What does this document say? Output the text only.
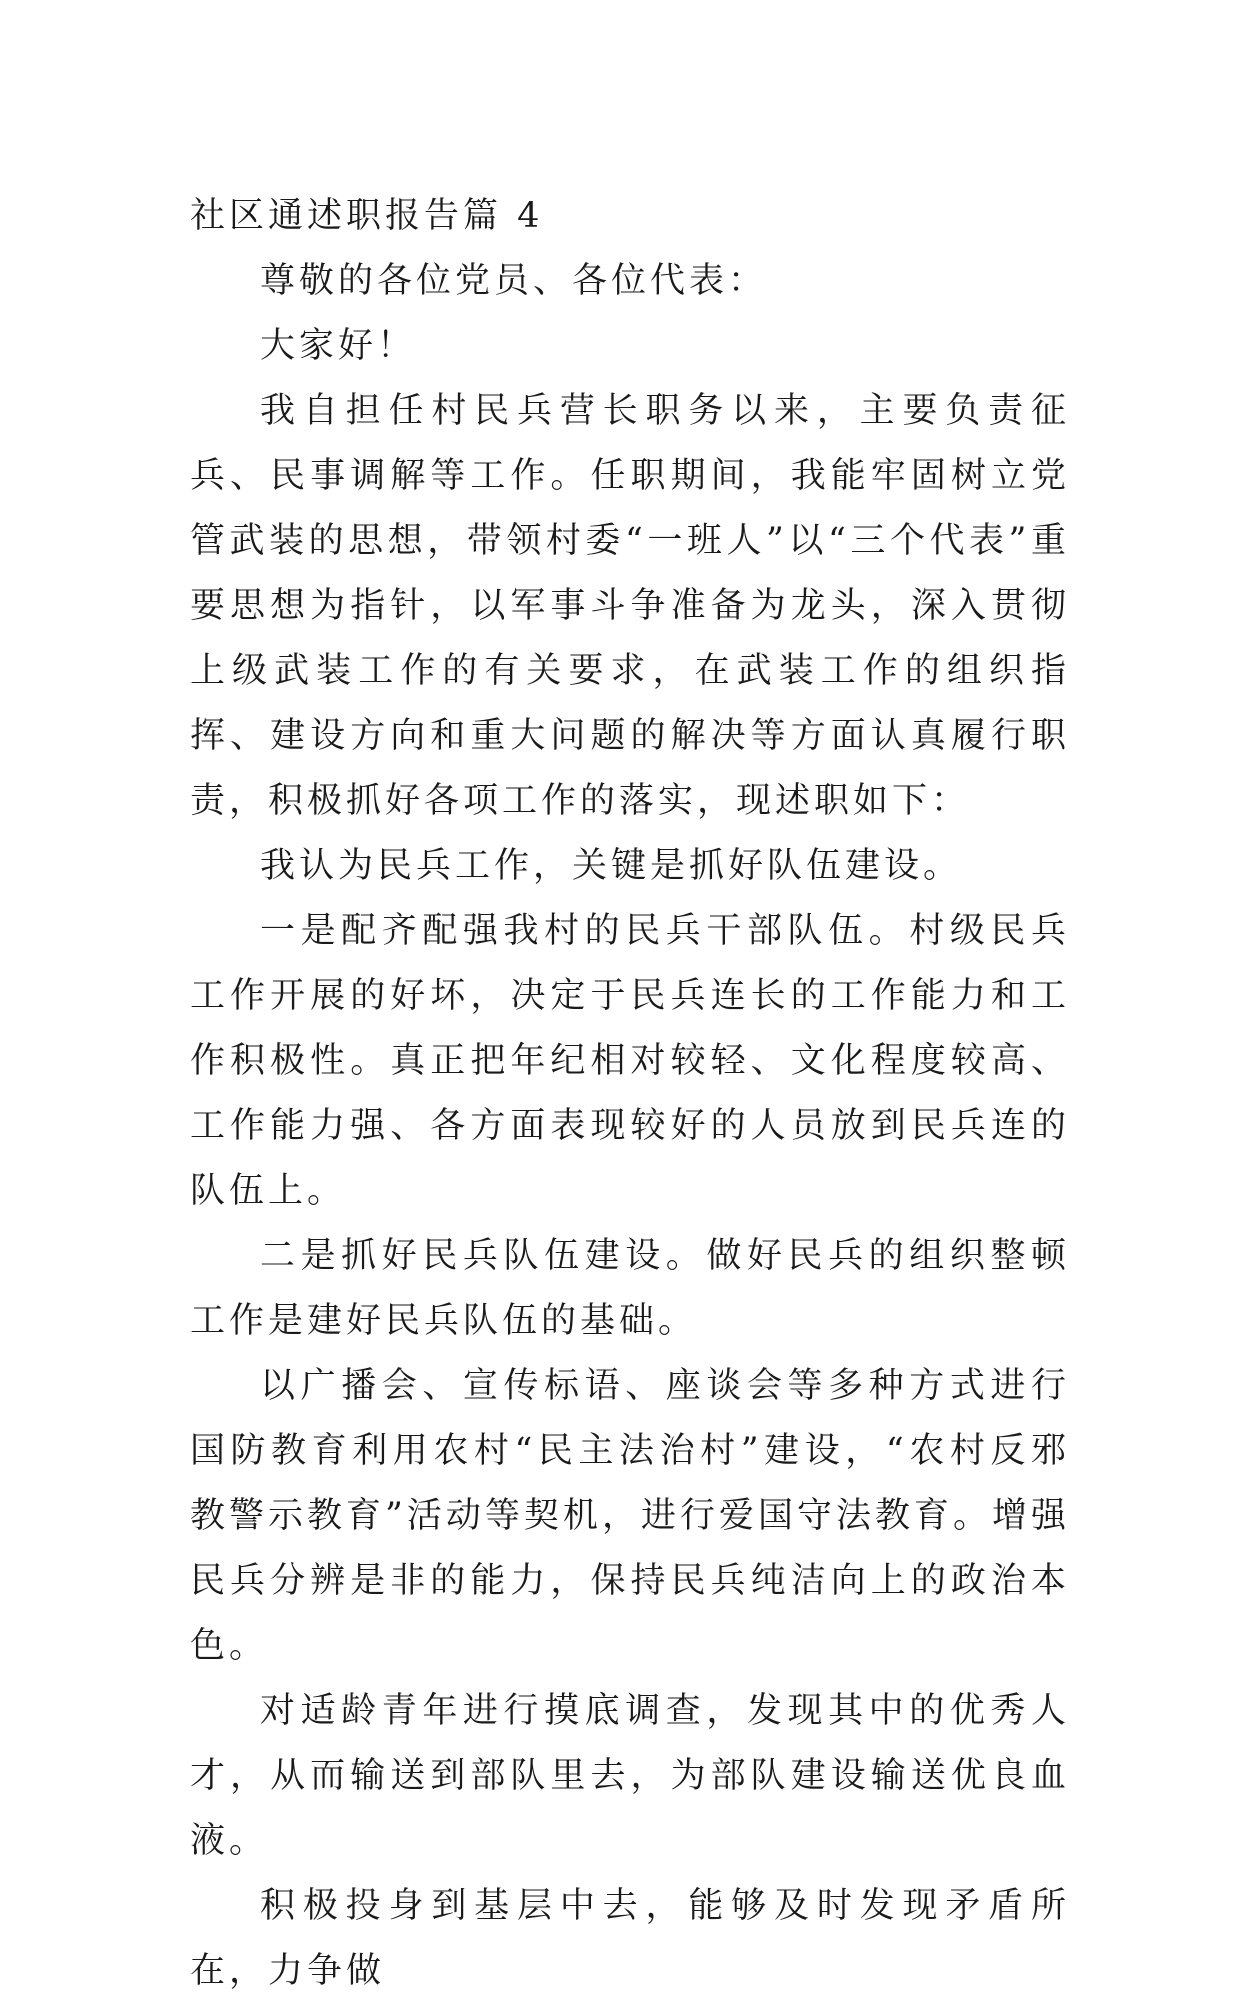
社区通述职报告篇 4

尊敬的各位党员、各位代表：

大家好！

我自担任村民兵营长职务以来，主要负责征兵、民事调解等工作。任职期间，我能牢固树立党管武装的思想，带领村委“一班人”以“三个代表”重要思想为指针，以军事斗争准备为龙头，深入贯彻上级武装工作的有关要求，在武装工作的组织指挥、建设方向和重大问题的解决等方面认真履行职责，积极抓好各项工作的落实，现述职如下：

我认为民兵工作，关键是抓好队伍建设。

一是配齐配强我村的民兵干部队伍。村级民兵工作开展的好坏，决定于民兵连长的工作能力和工作积极性。真正把年纪相对较轻、文化程度较高、工作能力强、各方面表现较好的人员放到民兵连的队伍上。

二是抓好民兵队伍建设。做好民兵的组织整顿工作是建好民兵队伍的基础。

以广播会、宣传标语、座谈会等多种方式进行国防教育利用农村“民主法治村”建设，“农村反邪教警示教育”活动等契机，进行爱国守法教育。增强民兵分辨是非的能力，保持民兵纯洁向上的政治本色。

对适龄青年进行摸底调查，发现其中的优秀人才，从而输送到部队里去，为部队建设输送优良血液。

积极投身到基层中去，能够及时发现矛盾所在，力争做
